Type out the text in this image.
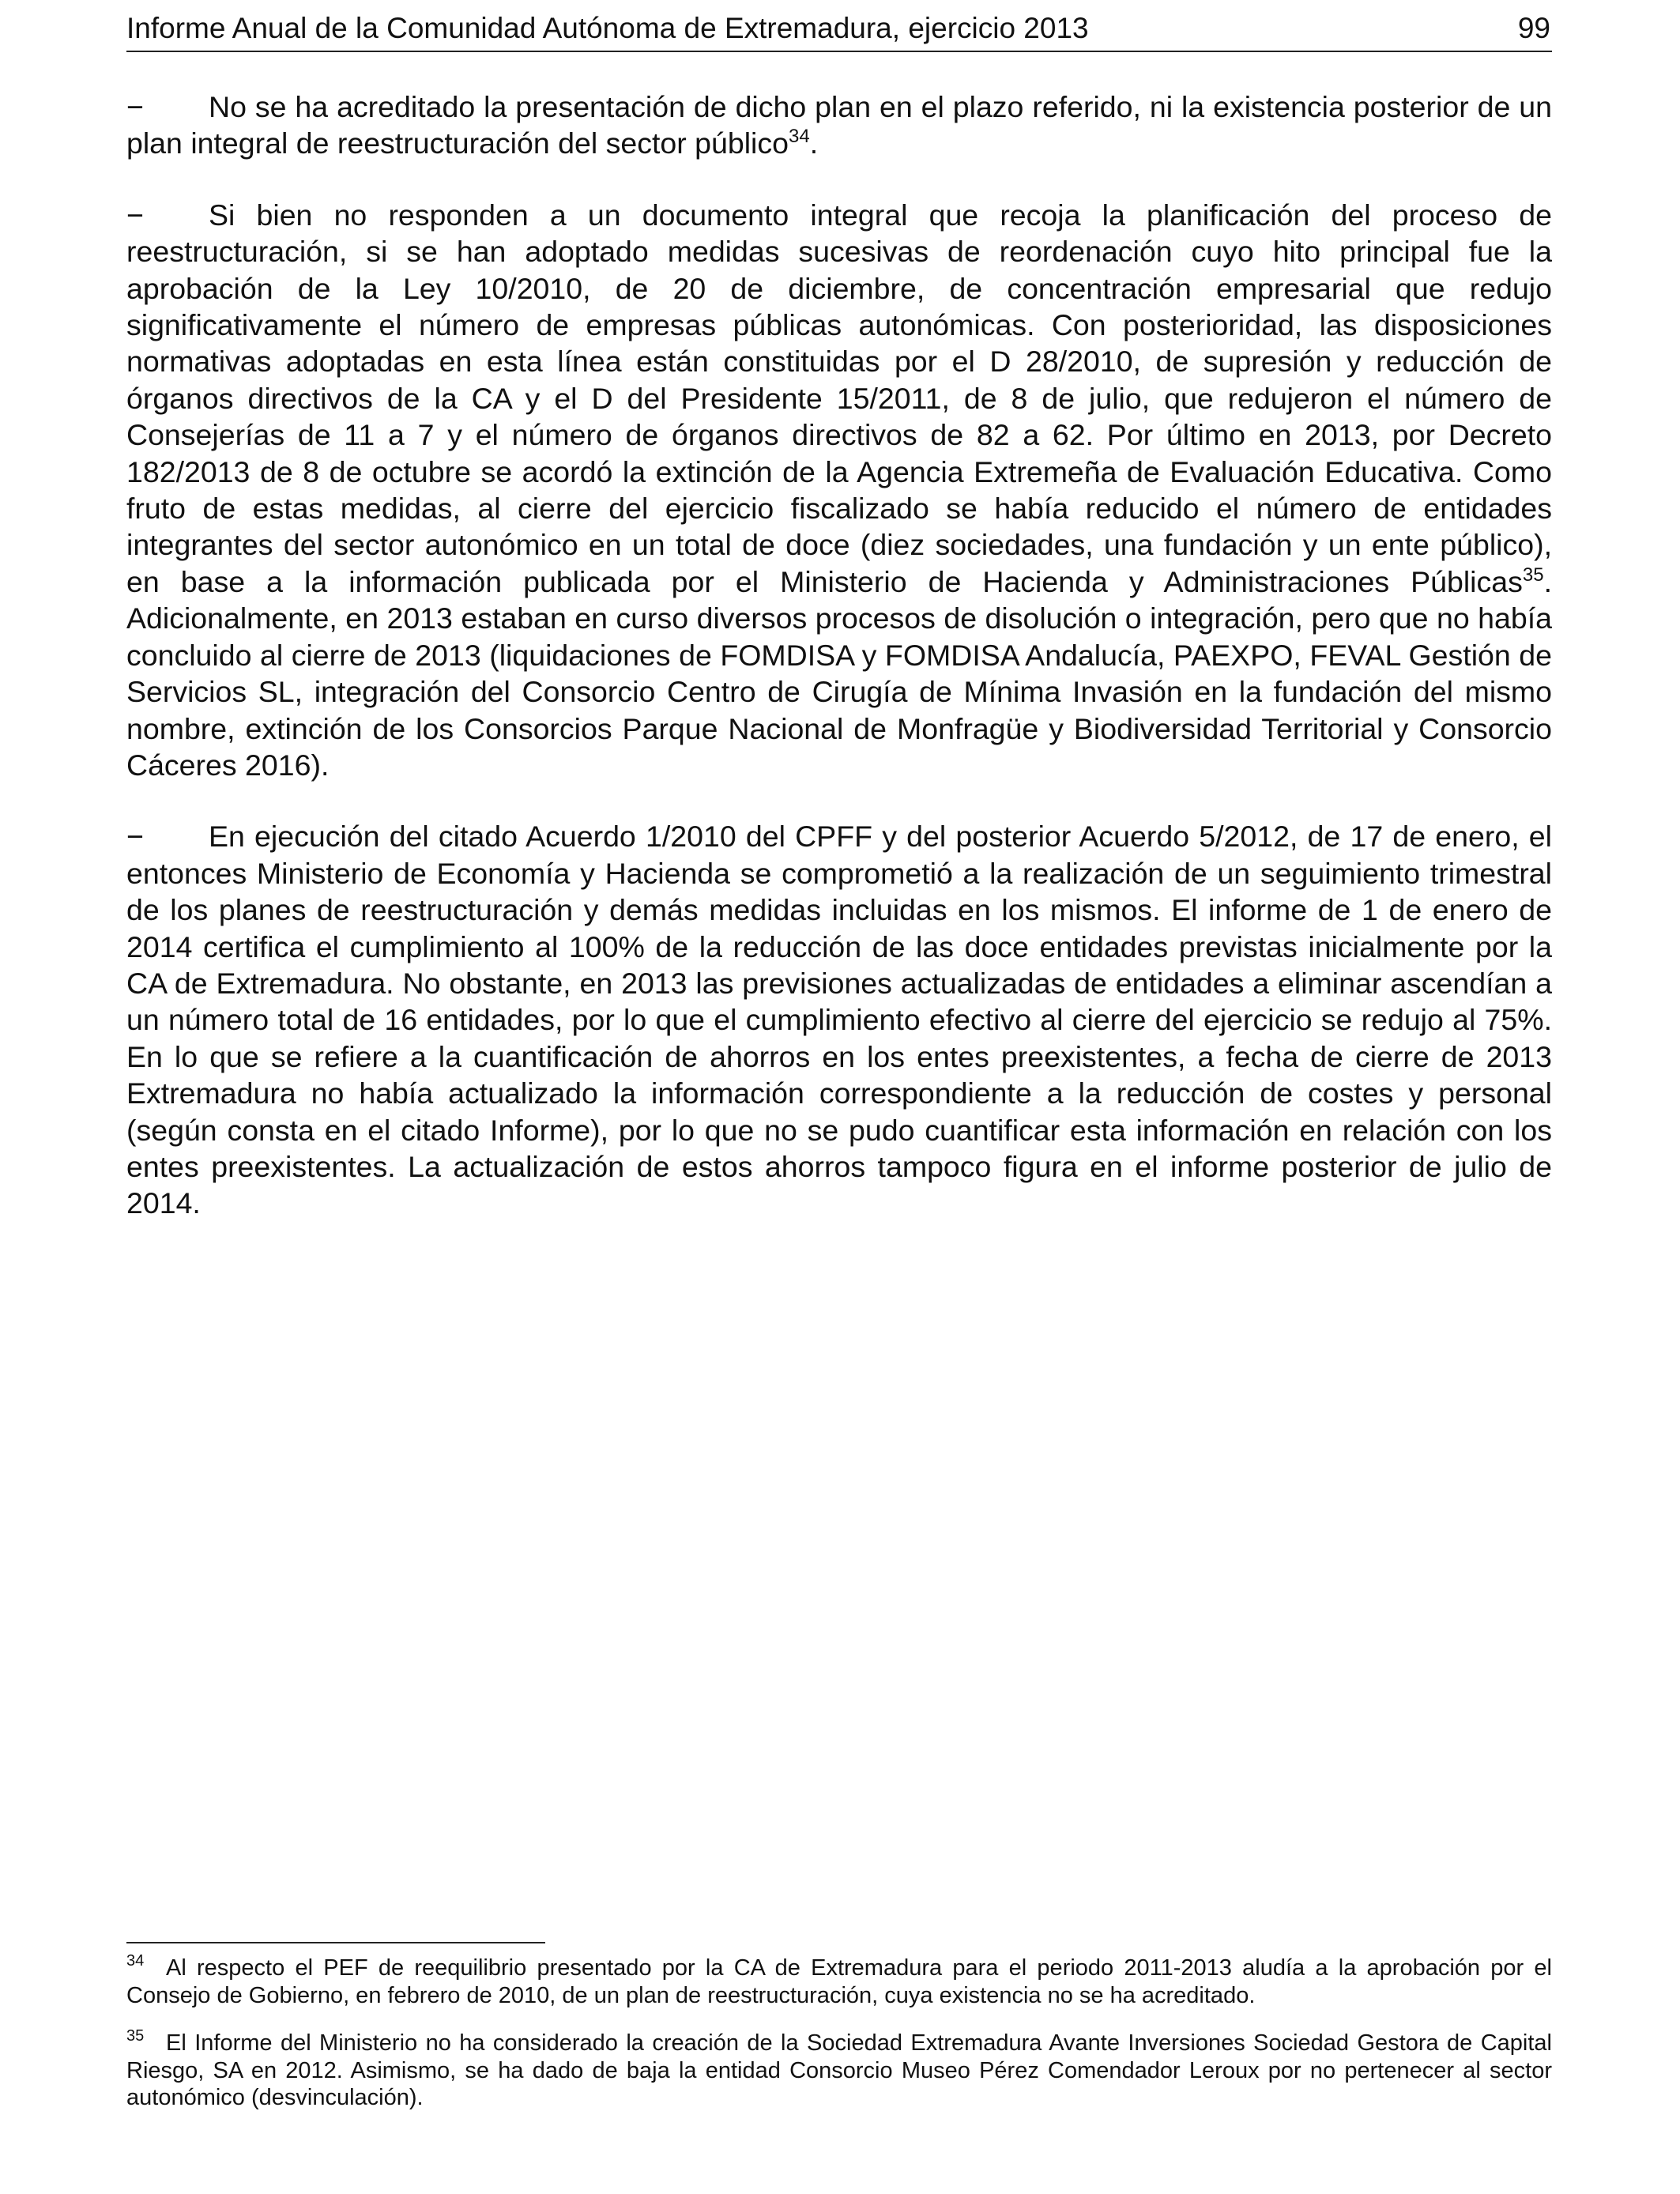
Informe Anual de la Comunidad Autónoma de Extremadura, ejercicio 2013	99

− No se ha acreditado la presentación de dicho plan en el plazo referido, ni la existencia posterior de un plan integral de reestructuración del sector público$^{34}$.

− Si bien no responden a un documento integral que recoja la planificación del proceso de reestructuración, si se han adoptado medidas sucesivas de reordenación cuyo hito principal fue la aprobación de la Ley 10/2010, de 20 de diciembre, de concentración empresarial que redujo significativamente el número de empresas públicas autonómicas. Con posterioridad, las disposiciones normativas adoptadas en esta línea están constituidas por el D 28/2010, de supresión y reducción de órganos directivos de la CA y el D del Presidente 15/2011, de 8 de julio, que redujeron el número de Consejerías de 11 a 7 y el número de órganos directivos de 82 a 62. Por último en 2013, por Decreto 182/2013 de 8 de octubre se acordó la extinción de la Agencia Extremeña de Evaluación Educativa. Como fruto de estas medidas, al cierre del ejercicio fiscalizado se había reducido el número de entidades integrantes del sector autonómico en un total de doce (diez sociedades, una fundación y un ente público), en base a la información publicada por el Ministerio de Hacienda y Administraciones Públicas$^{35}$. Adicionalmente, en 2013 estaban en curso diversos procesos de disolución o integración, pero que no había concluido al cierre de 2013 (liquidaciones de FOMDISA y FOMDISA Andalucía, PAEXPO, FEVAL Gestión de Servicios SL, integración del Consorcio Centro de Cirugía de Mínima Invasión en la fundación del mismo nombre, extinción de los Consorcios Parque Nacional de Monfragüe y Biodiversidad Territorial y Consorcio Cáceres 2016).

− En ejecución del citado Acuerdo 1/2010 del CPFF y del posterior Acuerdo 5/2012, de 17 de enero, el entonces Ministerio de Economía y Hacienda se comprometió a la realización de un seguimiento trimestral de los planes de reestructuración y demás medidas incluidas en los mismos. El informe de 1 de enero de 2014 certifica el cumplimiento al 100% de la reducción de las doce entidades previstas inicialmente por la CA de Extremadura. No obstante, en 2013 las previsiones actualizadas de entidades a eliminar ascendían a un número total de 16 entidades, por lo que el cumplimiento efectivo al cierre del ejercicio se redujo al 75%. En lo que se refiere a la cuantificación de ahorros en los entes preexistentes, a fecha de cierre de 2013 Extremadura no había actualizado la información correspondiente a la reducción de costes y personal (según consta en el citado Informe), por lo que no se pudo cuantificar esta información en relación con los entes preexistentes. La actualización de estos ahorros tampoco figura en el informe posterior de julio de 2014.

34 Al respecto el PEF de reequilibrio presentado por la CA de Extremadura para el periodo 2011-2013 aludía a la aprobación por el Consejo de Gobierno, en febrero de 2010, de un plan de reestructuración, cuya existencia no se ha acreditado.

35 El Informe del Ministerio no ha considerado la creación de la Sociedad Extremadura Avante Inversiones Sociedad Gestora de Capital Riesgo, SA en 2012. Asimismo, se ha dado de baja la entidad Consorcio Museo Pérez Comendador Leroux por no pertenecer al sector autonómico (desvinculación).
